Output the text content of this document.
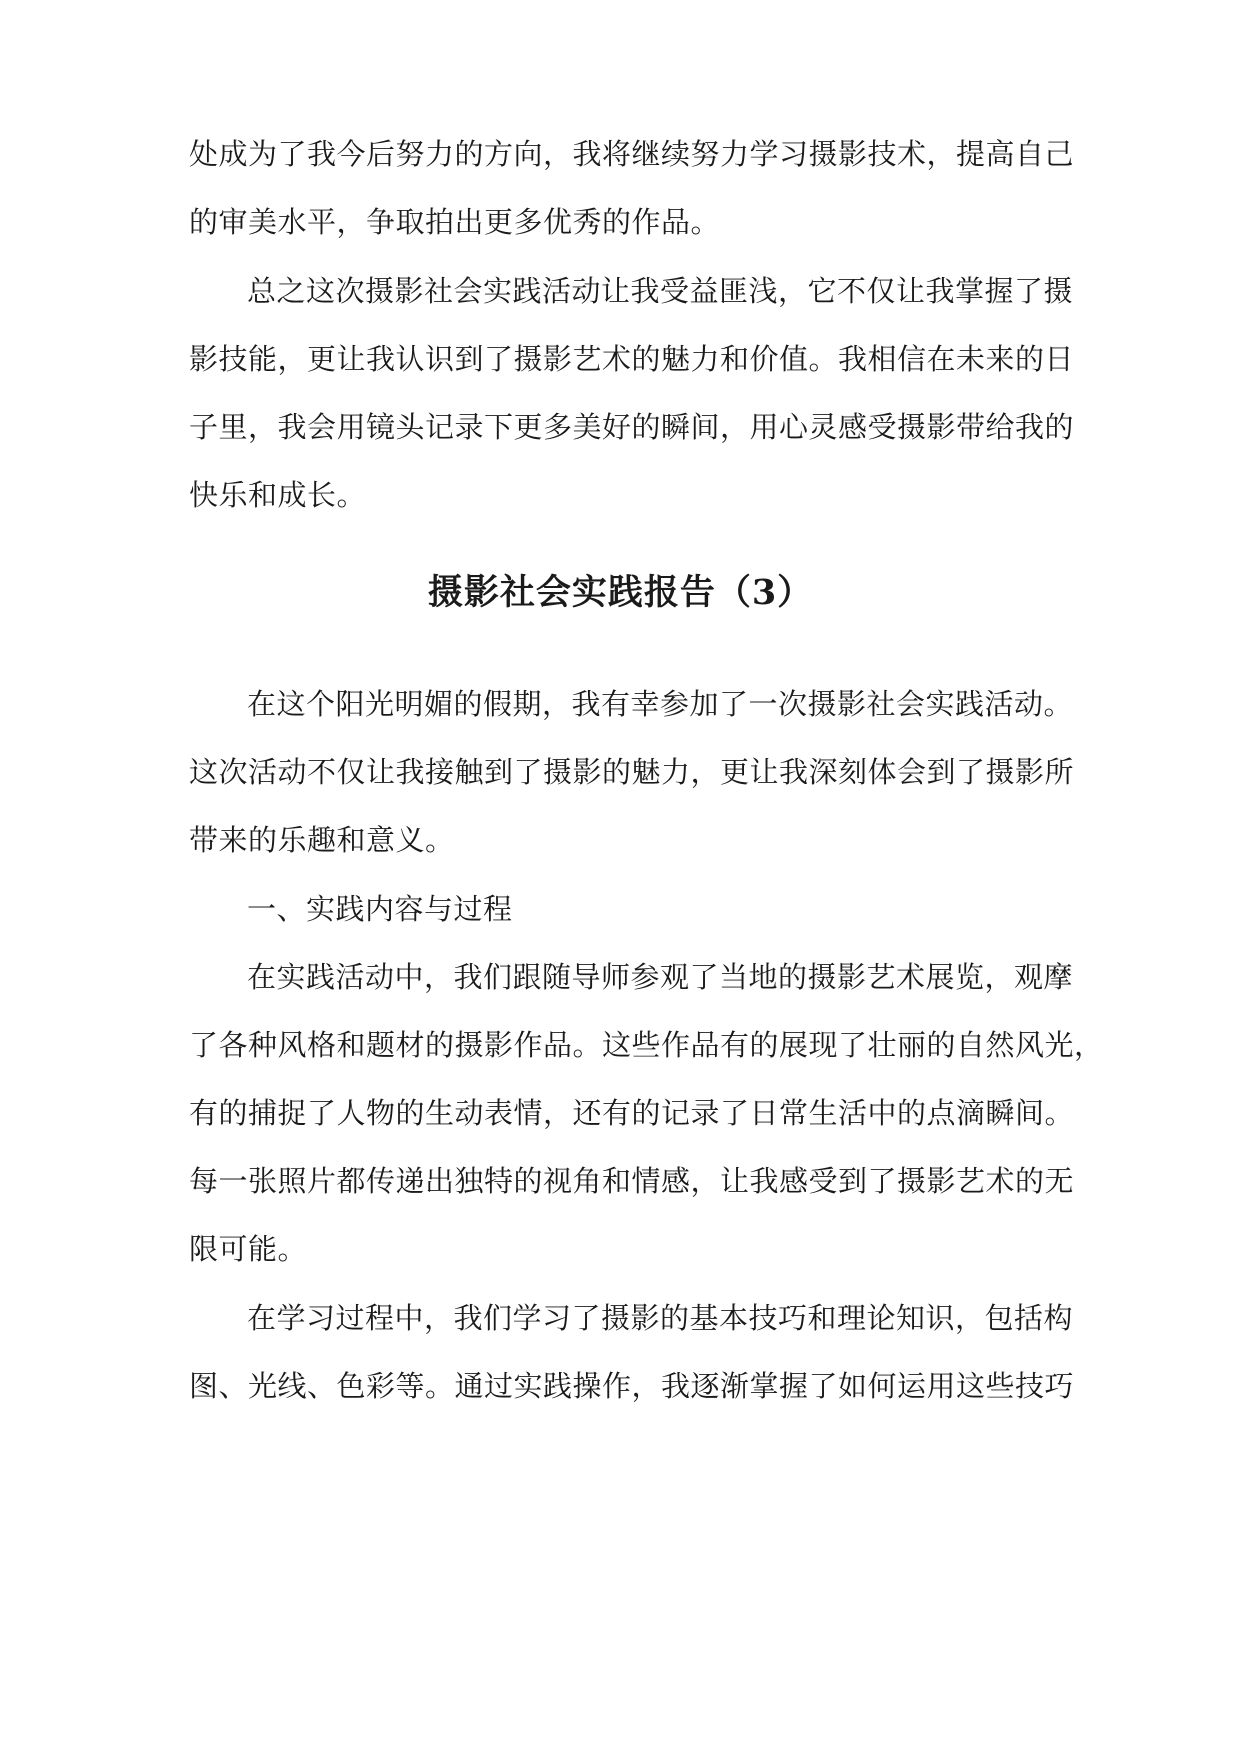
处成为了我今后努力的方向，我将继续努力学习摄影技术，提高自己
的审美水平，争取拍出更多优秀的作品。
总之这次摄影社会实践活动让我受益匪浅，它不仅让我掌握了摄
影技能，更让我认识到了摄影艺术的魅力和价值。我相信在未来的日
子里，我会用镜头记录下更多美好的瞬间，用心灵感受摄影带给我的
快乐和成长。
摄影社会实践报告（3）
在这个阳光明媚的假期，我有幸参加了一次摄影社会实践活动。
这次活动不仅让我接触到了摄影的魅力，更让我深刻体会到了摄影所
带来的乐趣和意义。
一、实践内容与过程
在实践活动中，我们跟随导师参观了当地的摄影艺术展览，观摩
了各种风格和题材的摄影作品。这些作品有的展现了壮丽的自然风光，
有的捕捉了人物的生动表情，还有的记录了日常生活中的点滴瞬间。
每一张照片都传递出独特的视角和情感，让我感受到了摄影艺术的无
限可能。
在学习过程中，我们学习了摄影的基本技巧和理论知识，包括构
图、光线、色彩等。通过实践操作，我逐渐掌握了如何运用这些技巧
